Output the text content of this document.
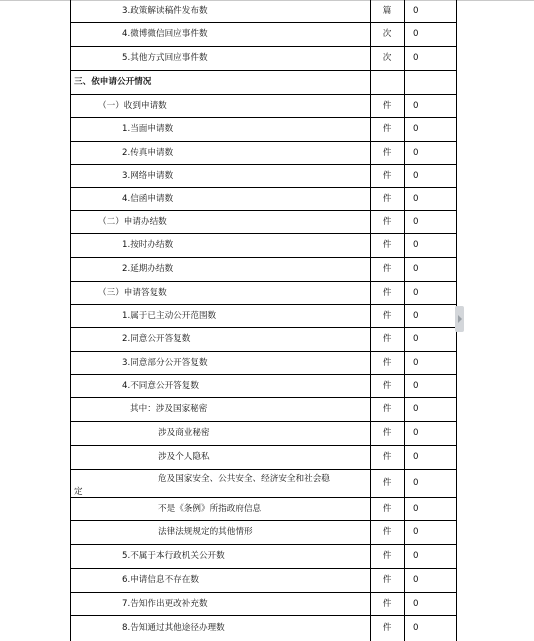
3.政策解读稿件发布数	篇	0
4.微博微信回应事件数	次	0
5.其他方式回应事件数	次	0
三、依申请公开情况
（一）收到申请数	件	0
1.当面申请数	件	0
2.传真申请数	件	0
3.网络申请数	件	0
4.信函申请数	件	0
（二）申请办结数	件	0
1.按时办结数	件	0
2.延期办结数	件	0
（三）申请答复数	件	0
1.属于已主动公开范围数	件	0
2.同意公开答复数	件	0
3.同意部分公开答复数	件	0
4.不同意公开答复数	件	0
其中：涉及国家秘密	件	0
涉及商业秘密	件	0
涉及个人隐私	件	0
危及国家安全、公共安全、经济安全和社会稳
定
件	0
不是《条例》所指政府信息	件	0
法律法规规定的其他情形	件	0
5.不属于本行政机关公开数	件	0
6.申请信息不存在数	件	0
7.告知作出更改补充数	件	0
8.告知通过其他途径办理数	件	0
